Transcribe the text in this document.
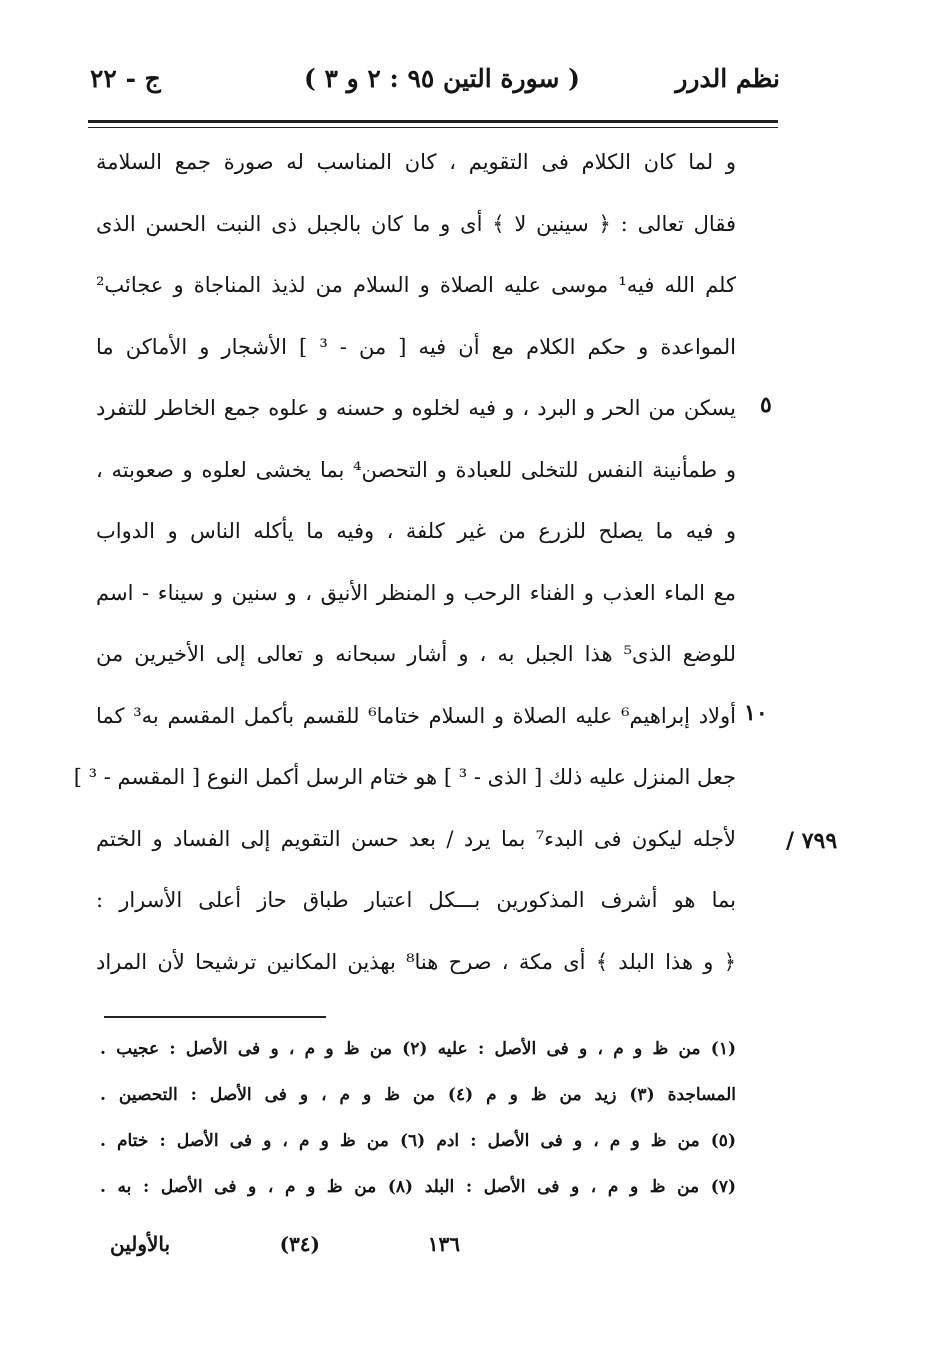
نظم الدرر
( سورة التين ٩٥ : ٢ و ٣ )
ج - ٢٢
و لما كان الكلام فى التقويم ، كان المناسب له صورة جمع السلامة
فقال تعالى : ﴿ سينين لا ﴾ أى و ما كان بالجبل ذى النبت الحسن الذى
كلم الله فيه¹ موسى عليه الصلاة و السلام من لذيذ المناجاة و عجائب²
المواعدة و حكم الكلام مع أن فيه [ من - ³ ] الأشجار و الأماكن ما
يسكن من الحر و البرد ، و فيه لخلوه و حسنه و علوه جمع الخاطر للتفرد
و طمأنينة النفس للتخلى للعبادة و التحصن⁴ بما يخشى لعلوه و صعوبته ،
و فيه ما يصلح للزرع من غير كلفة ، وفيه ما يأكله الناس و الدواب
مع الماء العذب و الفناء الرحب و المنظر الأنيق ، و سنين و سيناء - اسم
للوضع الذى⁵ هذا الجبل به ، و أشار سبحانه و تعالى إلى الأخيرين من
أولاد إبراهيم⁶ عليه الصلاة و السلام ختاما⁶ للقسم بأكمل المقسم به³ كما
جعل المنزل عليه ذلك [ الذى - ³ ] هو ختام الرسل أكمل النوع [ المقسم - ³ ]
لأجله ليكون فى البدء⁷ بما يرد / بعد حسن التقويم إلى الفساد و الختم
بما هو أشرف المذكورين بـــكل اعتبار طباق حاز أعلى الأسرار :
﴿ و هذا البلد ﴾ أى مكة ، صرح هنا⁸ بهذين المكانين ترشيحا لأن المراد
٥
١٠
٧٩٩ /
(١) من ظ و م ، و فى الأصل : عليه (٢) من ظ و م ، و فى الأصل : عجيب .
المساجدة (٣) زيد من ظ و م (٤) من ظ و م ، و فى الأصل : التحصين .
(٥) من ظ و م ، و فى الأصل : ادم (٦) من ظ و م ، و فى الأصل : ختام .
(٧) من ظ و م ، و فى الأصل : البلد (٨) من ظ و م ، و فى الأصل : به .
١٣٦
(٣٤)
بالأولين
